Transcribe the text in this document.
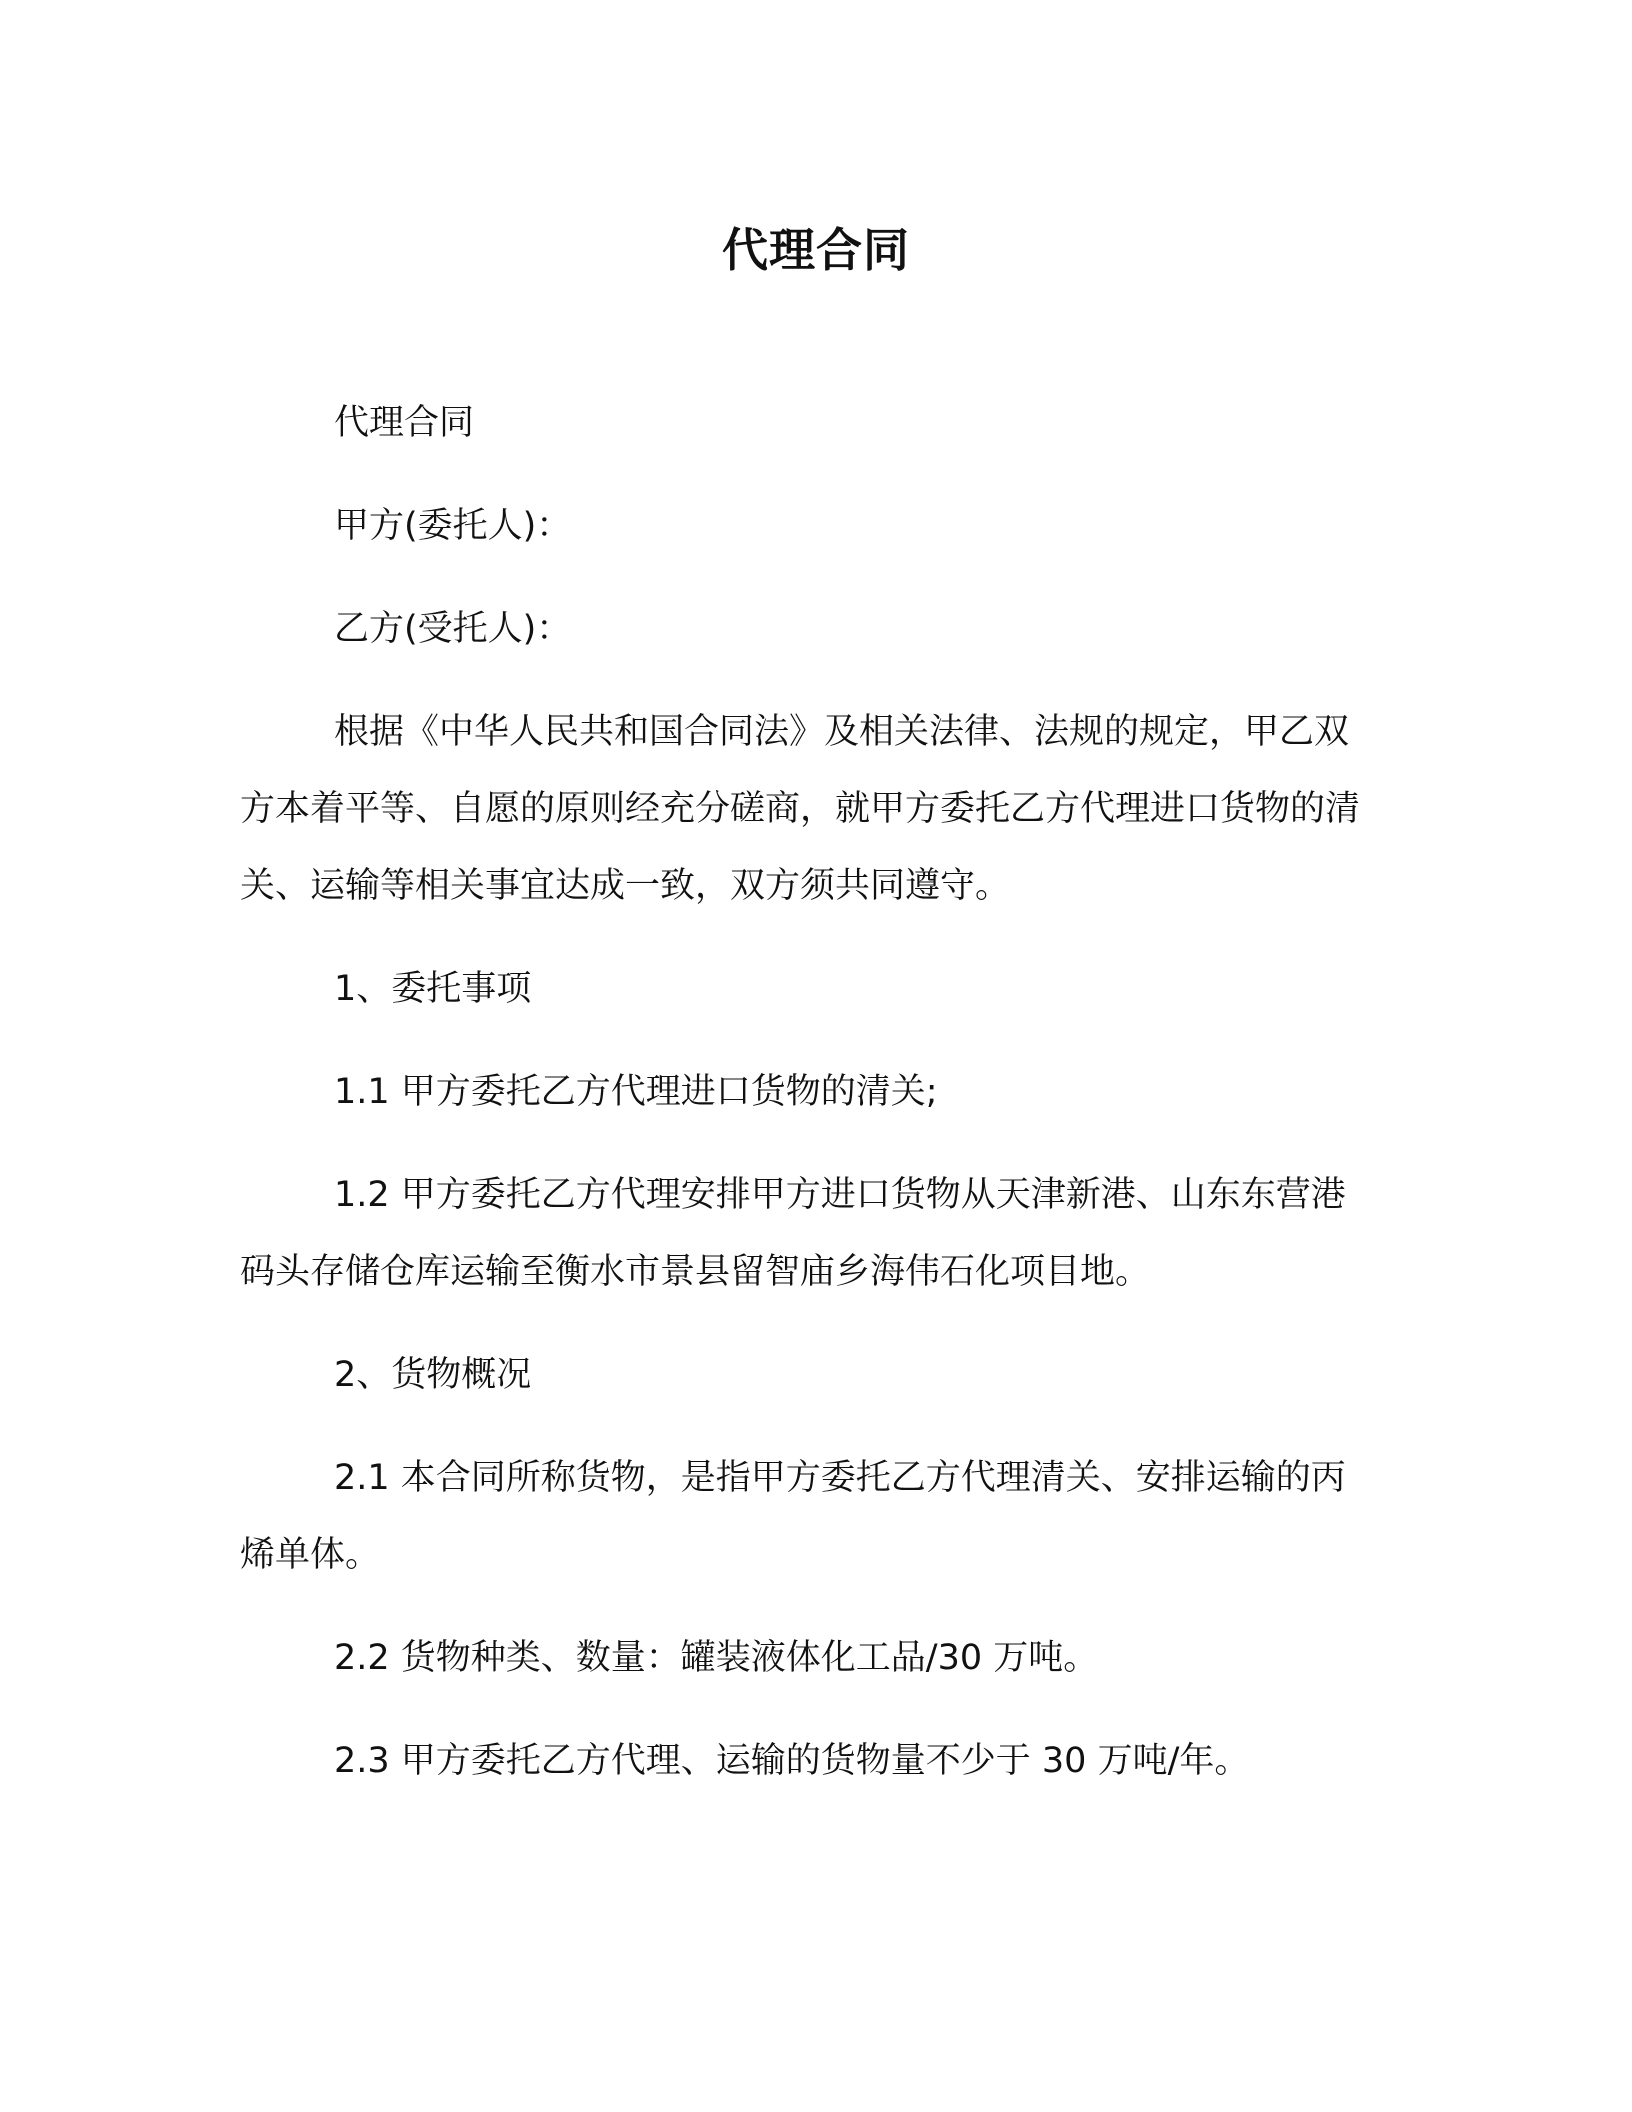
代理合同

代理合同

甲方(委托人)：

乙方(受托人)：

根据《中华人民共和国合同法》及相关法律、法规的规定，甲乙双方本着平等、自愿的原则经充分磋商，就甲方委托乙方代理进口货物的清关、运输等相关事宜达成一致，双方须共同遵守。

1、委托事项

1.1 甲方委托乙方代理进口货物的清关;

1.2 甲方委托乙方代理安排甲方进口货物从天津新港、山东东营港码头存储仓库运输至衡水市景县留智庙乡海伟石化项目地。

2、货物概况

2.1 本合同所称货物，是指甲方委托乙方代理清关、安排运输的丙烯单体。

2.2 货物种类、数量：罐装液体化工品/30 万吨。

2.3 甲方委托乙方代理、运输的货物量不少于 30 万吨/年。
